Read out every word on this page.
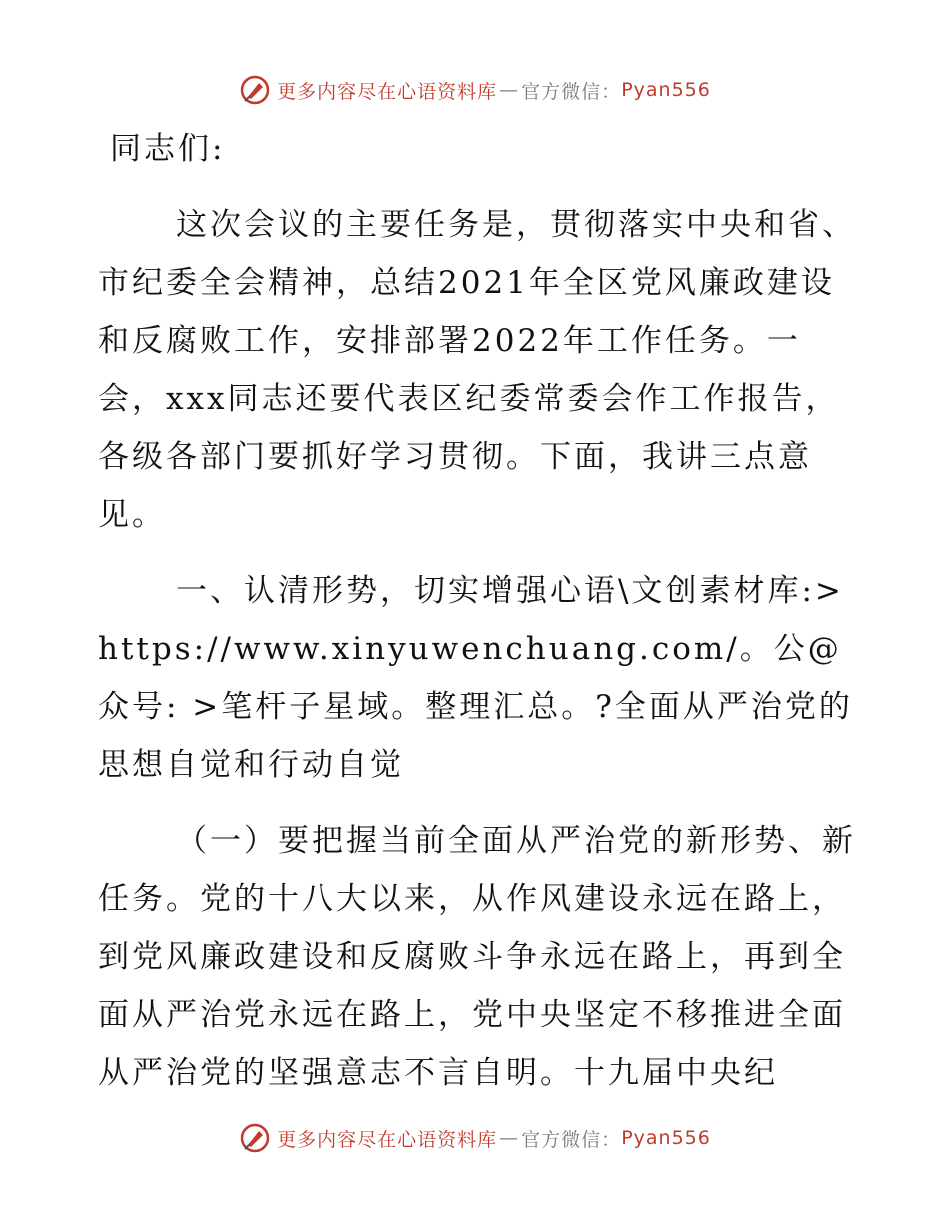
更多内容尽在心语资料库 — 官方微信： Pyan556

同志们:

这次会议的主要任务是，贯彻落实中央和省、市纪委全会精神，总结2021年全区党风廉政建设和反腐败工作，安排部署2022年工作任务。一会，xxx同志还要代表区纪委常委会作工作报告，各级各部门要抓好学习贯彻。下面，我讲三点意见。

一、认清形势，切实增强心语\文创素材库:>https://www.xinyuwenchuang.com/。公@众号: >笔杆子星域。整理汇总。?全面从严治党的思想自觉和行动自觉

（一）要把握当前全面从严治党的新形势、新任务。党的十八大以来，从作风建设永远在路上，到党风廉政建设和反腐败斗争永远在路上，再到全面从严治党永远在路上，党中央坚定不移推进全面从严治党的坚强意志不言自明。十九届中央纪

更多内容尽在心语资料库 — 官方微信： Pyan556
